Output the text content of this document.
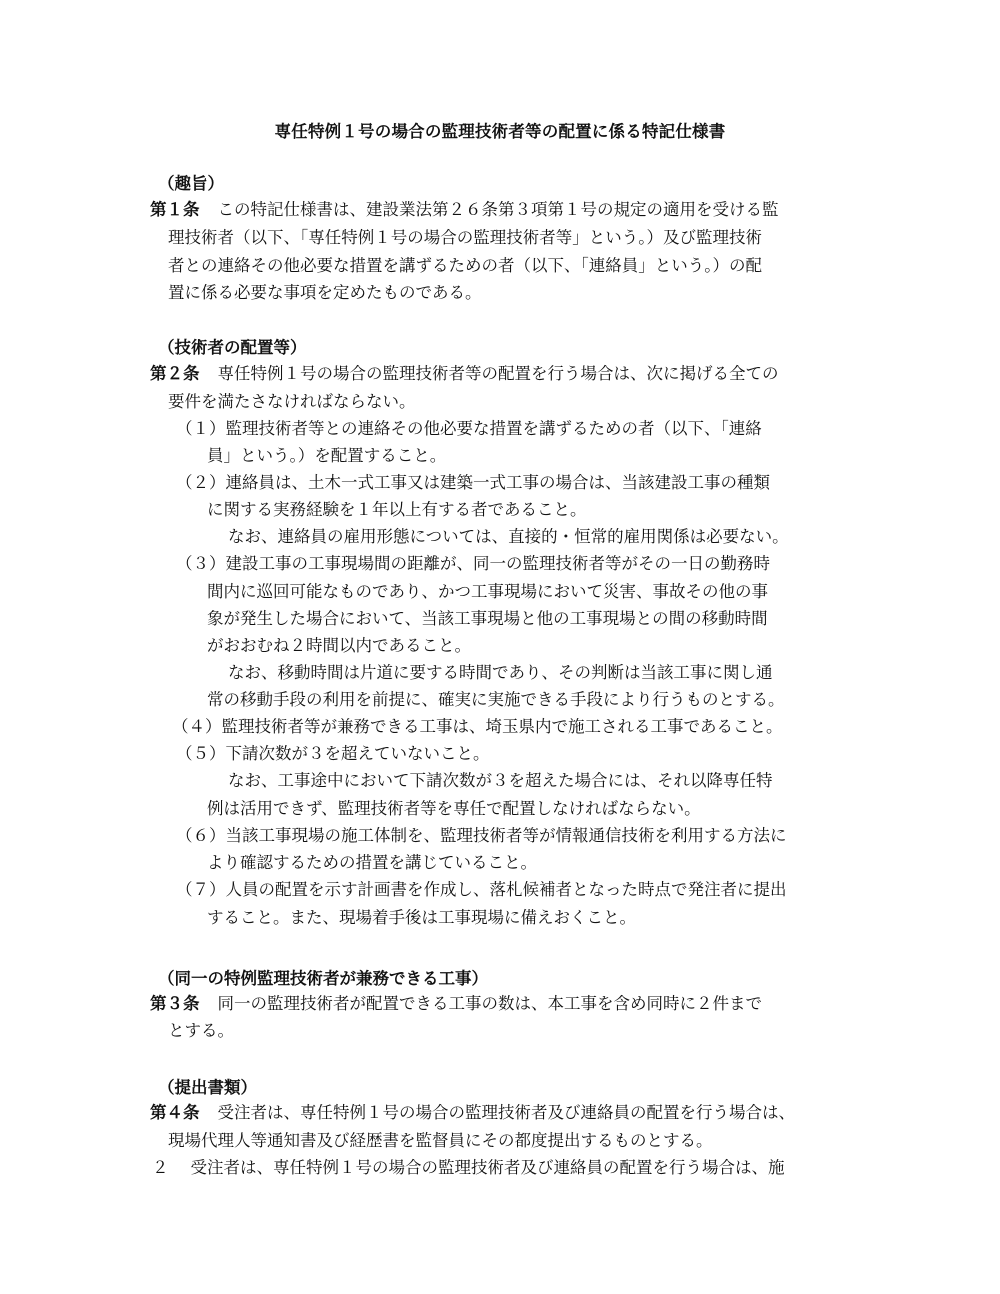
専任特例１号の場合の監理技術者等の配置に係る特記仕様書
（趣旨）
第１条 この特記仕様書は、建設業法第２６条第３項第１号の規定の適用を受ける監
理技術者（以下、「専任特例１号の場合の監理技術者等」という。）及び監理技術
者との連絡その他必要な措置を講ずるための者（以下、「連絡員」という。）の配
置に係る必要な事項を定めたものである。
（技術者の配置等）
第２条 専任特例１号の場合の監理技術者等の配置を行う場合は、次に掲げる全ての
要件を満たさなければならない。
（１）監理技術者等との連絡その他必要な措置を講ずるための者（以下、「連絡
員」という。）を配置すること。
（２）連絡員は、土木一式工事又は建築一式工事の場合は、当該建設工事の種類
に関する実務経験を１年以上有する者であること。
なお、連絡員の雇用形態については、直接的・恒常的雇用関係は必要ない。
（３）建設工事の工事現場間の距離が、同一の監理技術者等がその一日の勤務時
間内に巡回可能なものであり、かつ工事現場において災害、事故その他の事
象が発生した場合において、当該工事現場と他の工事現場との間の移動時間
がおおむね２時間以内であること。
なお、移動時間は片道に要する時間であり、その判断は当該工事に関し通
常の移動手段の利用を前提に、確実に実施できる手段により行うものとする。
（４）監理技術者等が兼務できる工事は、埼玉県内で施工される工事であること。
（５）下請次数が３を超えていないこと。
なお、工事途中において下請次数が３を超えた場合には、それ以降専任特
例は活用できず、監理技術者等を専任で配置しなければならない。
（６）当該工事現場の施工体制を、監理技術者等が情報通信技術を利用する方法に
より確認するための措置を講じていること。
（７）人員の配置を示す計画書を作成し、落札候補者となった時点で発注者に提出
すること。また、現場着手後は工事現場に備えおくこと。
（同一の特例監理技術者が兼務できる工事）
第３条 同一の監理技術者が配置できる工事の数は、本工事を含め同時に２件まで
とする。
（提出書類）
第４条 受注者は、専任特例１号の場合の監理技術者及び連絡員の配置を行う場合は、
現場代理人等通知書及び経歴書を監督員にその都度提出するものとする。
２ 受注者は、専任特例１号の場合の監理技術者及び連絡員の配置を行う場合は、施
